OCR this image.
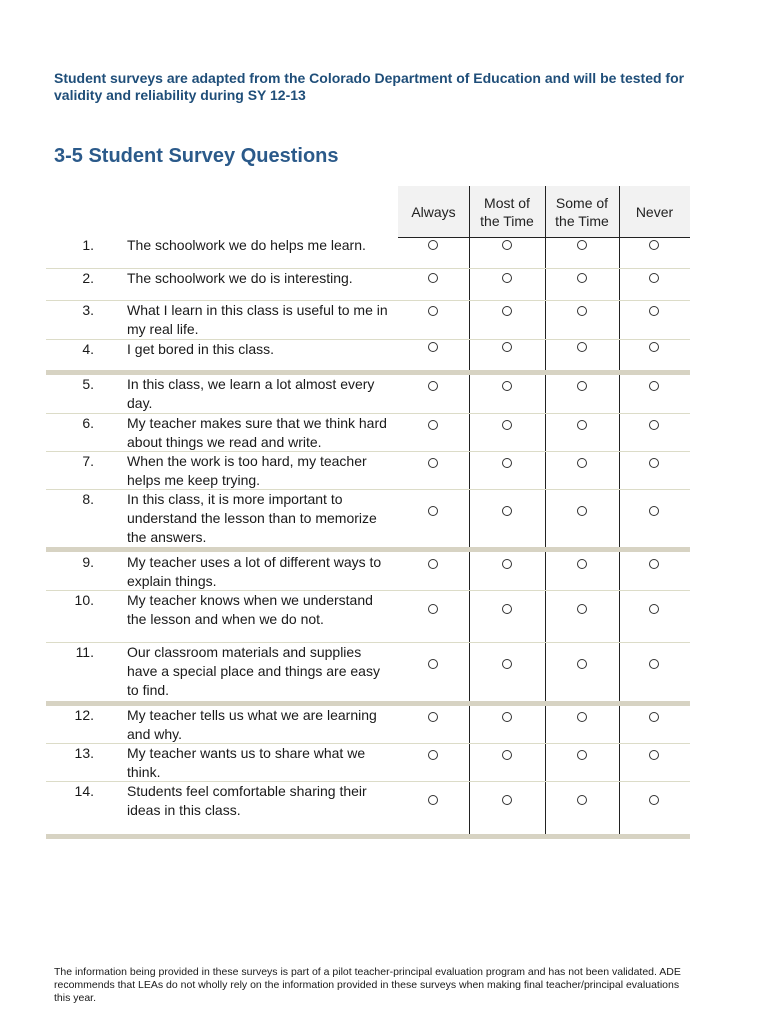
Student surveys are adapted from the Colorado Department of Education and will be tested for validity and reliability during SY 12-13
3-5 Student Survey Questions
Always
Most of
the Time
Some of
the Time
Never
1. The schoolwork we do helps me learn.
2. The schoolwork we do is interesting.
3. What I learn in this class is useful to me in my real life.
4. I get bored in this class.
5. In this class, we learn a lot almost every day.
6. My teacher makes sure that we think hard about things we read and write.
7. When the work is too hard, my teacher helps me keep trying.
8. In this class, it is more important to understand the lesson than to memorize the answers.
9. My teacher uses a lot of different ways to explain things.
10. My teacher knows when we understand the lesson and when we do not.
11. Our classroom materials and supplies have a special place and things are easy to find.
12. My teacher tells us what we are learning and why.
13. My teacher wants us to share what we think.
14. Students feel comfortable sharing their ideas in this class.
The information being provided in these surveys is part of a pilot teacher-principal evaluation program and has not been validated. ADE recommends that LEAs do not wholly rely on the information provided in these surveys when making final teacher/principal evaluations this year.
